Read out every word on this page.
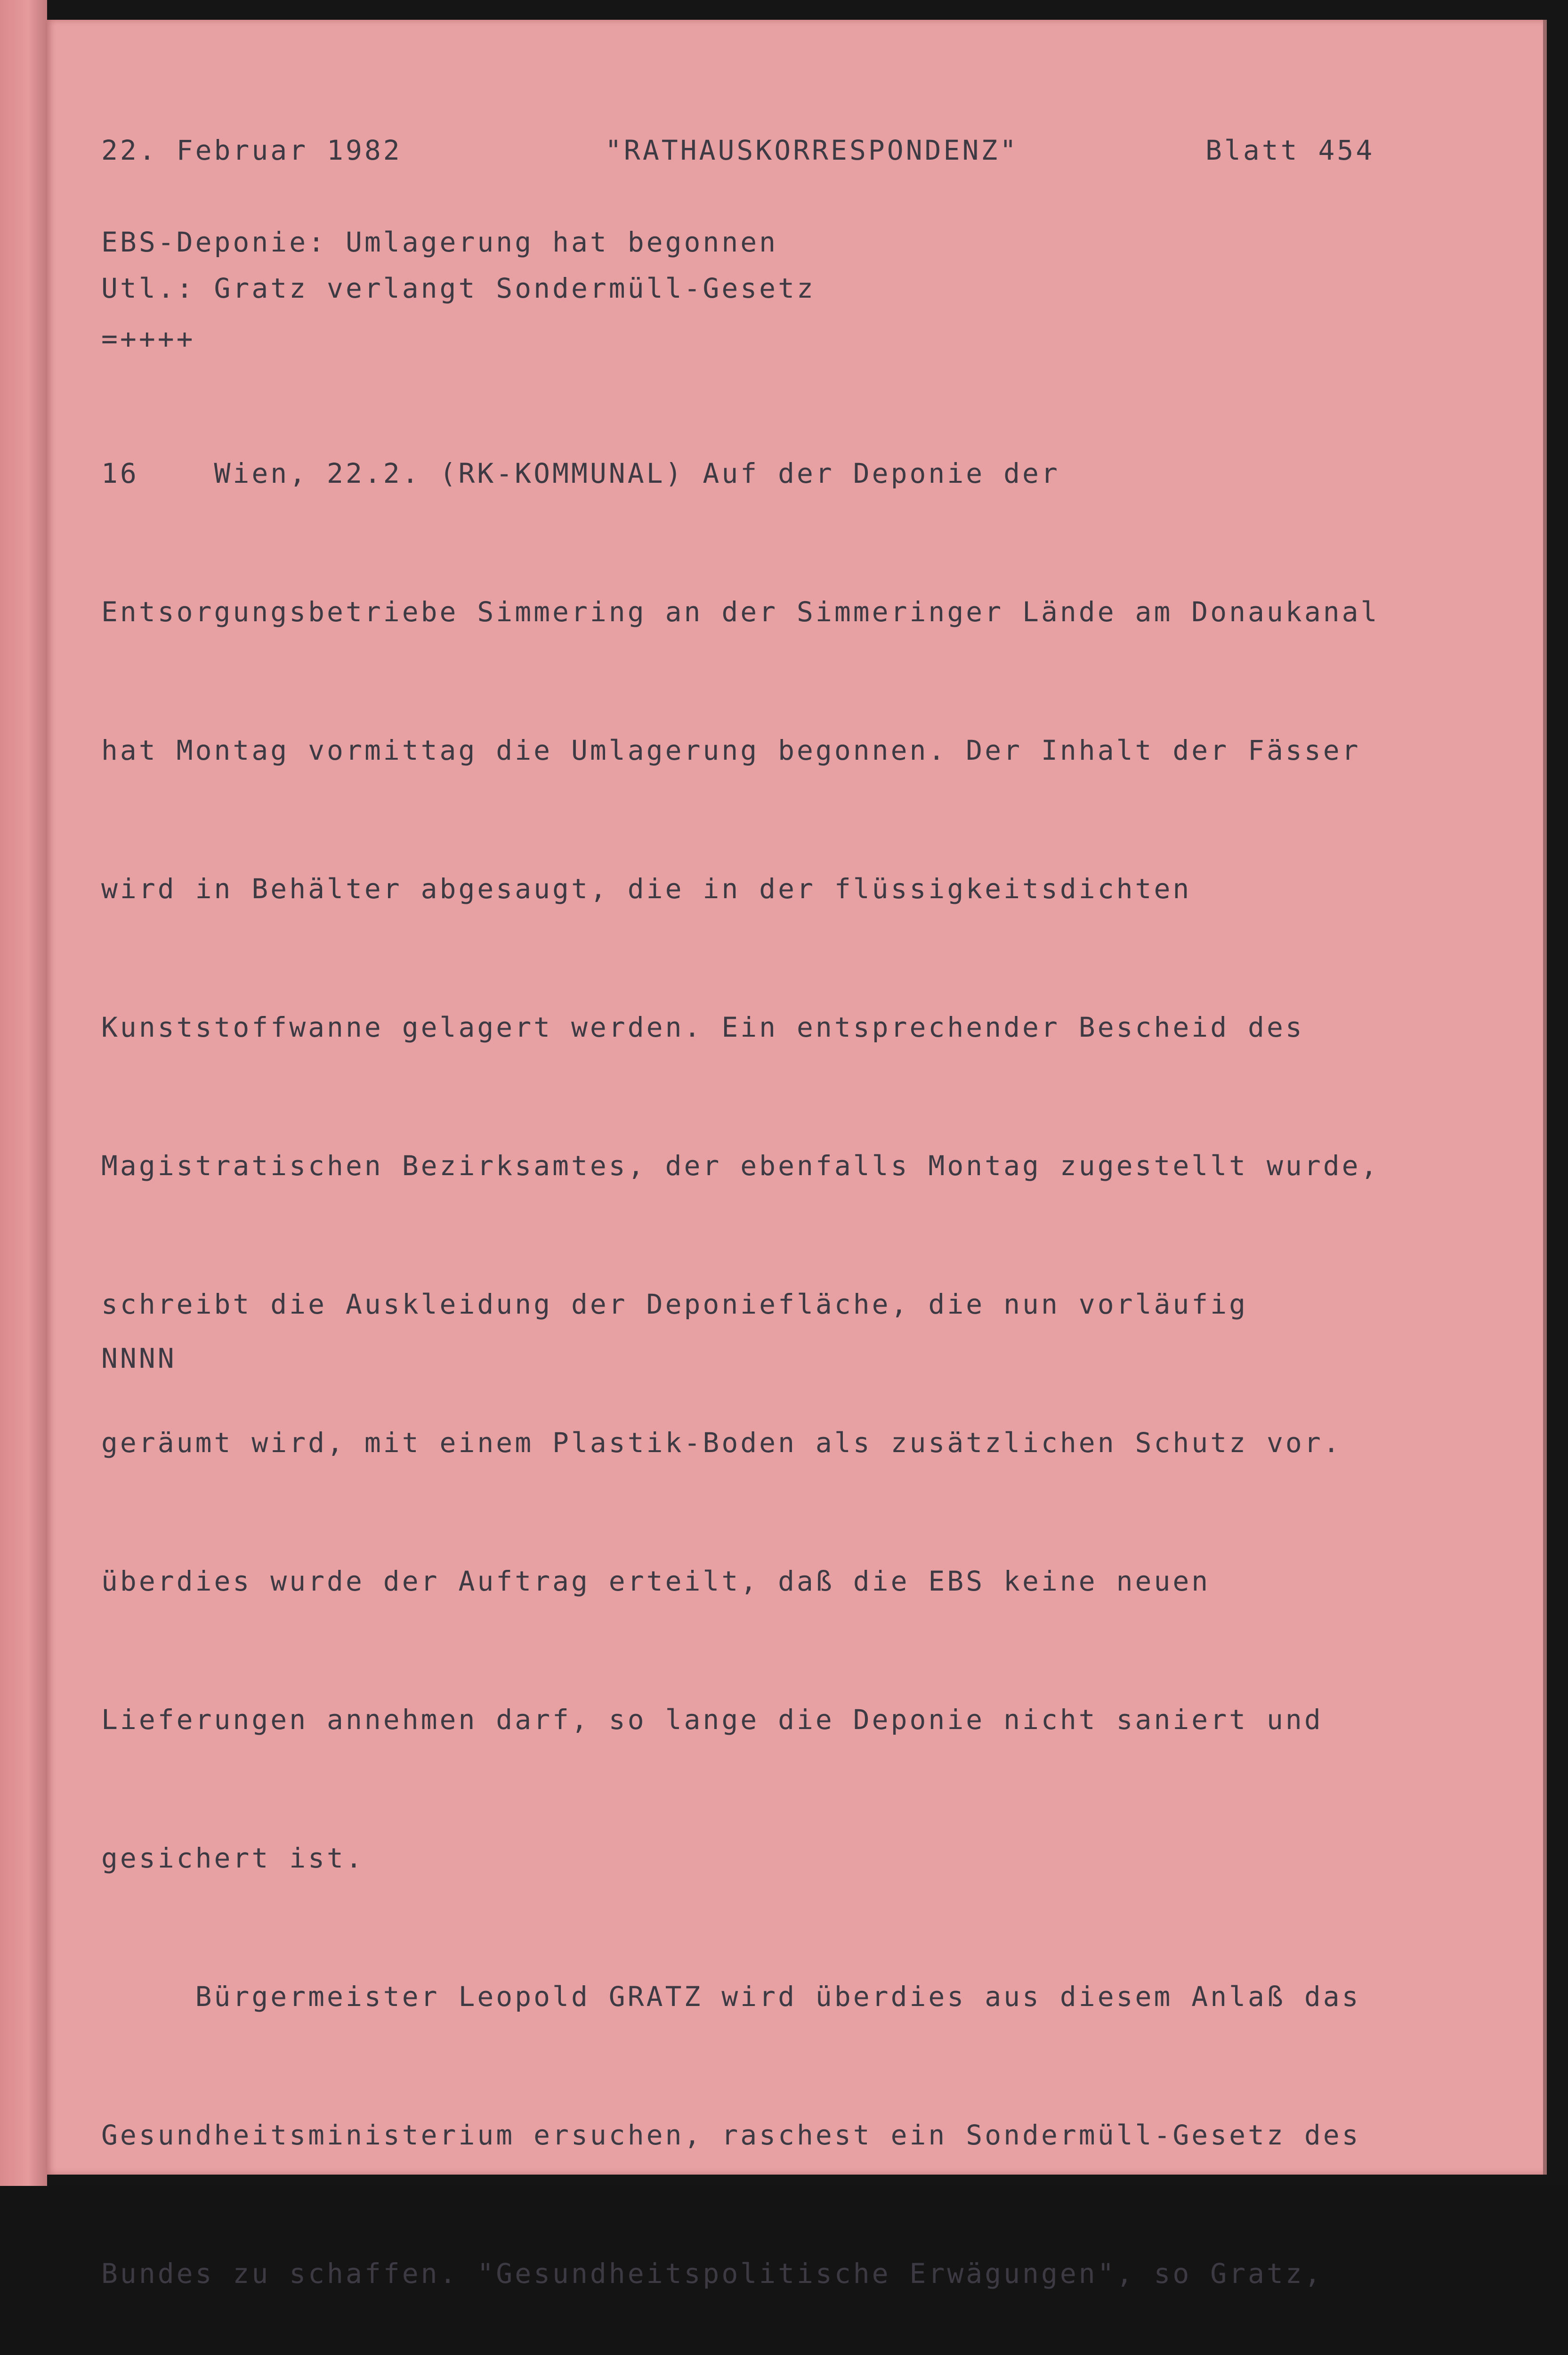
22. Februar 1982	"RATHAUSKORRESPONDENZ"	Blatt 454
EBS-Deponie: Umlagerung hat begonnen
Utl.: Gratz verlangt Sondermüll-Gesetz
=++++

16    Wien, 22.2. (RK-KOMMUNAL) Auf der Deponie der

Entsorgungsbetriebe Simmering an der Simmeringer Lände am Donaukanal

hat Montag vormittag die Umlagerung begonnen. Der Inhalt der Fässer

wird in Behälter abgesaugt, die in der flüssigkeitsdichten

Kunststoffwanne gelagert werden. Ein entsprechender Bescheid des

Magistratischen Bezirksamtes, der ebenfalls Montag zugestellt wurde,

schreibt die Auskleidung der Deponiefläche, die nun vorläufig

geräumt wird, mit einem Plastik-Boden als zusätzlichen Schutz vor.

überdies wurde der Auftrag erteilt, daß die EBS keine neuen

Lieferungen annehmen darf, so lange die Deponie nicht saniert und

gesichert ist.

Bürgermeister Leopold GRATZ wird überdies aus diesem Anlaß das

Gesundheitsministerium ersuchen, raschest ein Sondermüll-Gesetz des

Bundes zu schaffen. "Gesundheitspolitische Erwägungen", so Gratz,

NNNN
